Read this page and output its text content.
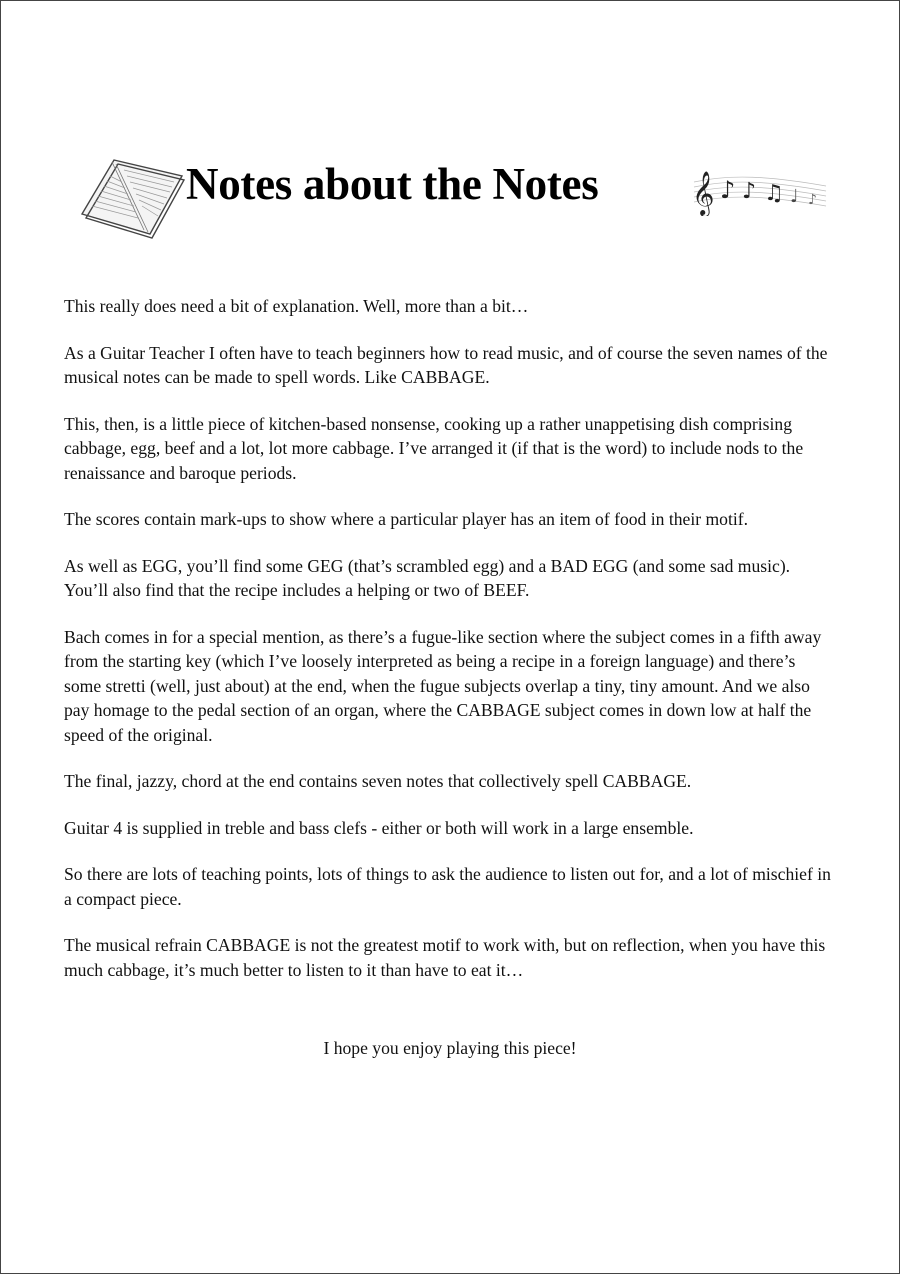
Notes about the Notes 𝄞 ♪ ♪ ♫ ♩ ♪

This really does need a bit of explanation. Well, more than a bit…

As a Guitar Teacher I often have to teach beginners how to read music, and of course the seven names of the musical notes can be made to spell words. Like CABBAGE.

This, then, is a little piece of kitchen-based nonsense, cooking up a rather unappetising dish comprising cabbage, egg, beef and a lot, lot more cabbage. I’ve arranged it (if that is the word) to include nods to the renaissance and baroque periods.

The scores contain mark-ups to show where a particular player has an item of food in their motif.

As well as EGG, you’ll find some GEG (that’s scrambled egg) and a BAD EGG (and some sad music). You’ll also find that the recipe includes a helping or two of BEEF.

Bach comes in for a special mention, as there’s a fugue-like section where the subject comes in a fifth away from the starting key (which I’ve loosely interpreted as being a recipe in a foreign language) and there’s some stretti (well, just about) at the end, when the fugue subjects overlap a tiny, tiny amount. And we also pay homage to the pedal section of an organ, where the CABBAGE subject comes in down low at half the speed of the original.

The final, jazzy, chord at the end contains seven notes that collectively spell CABBAGE.

Guitar 4 is supplied in treble and bass clefs - either or both will work in a large ensemble.

So there are lots of teaching points, lots of things to ask the audience to listen out for, and a lot of mischief in a compact piece.

The musical refrain CABBAGE is not the greatest motif to work with, but on reflection, when you have this much cabbage, it’s much better to listen to it than have to eat it…

I hope you enjoy playing this piece!
